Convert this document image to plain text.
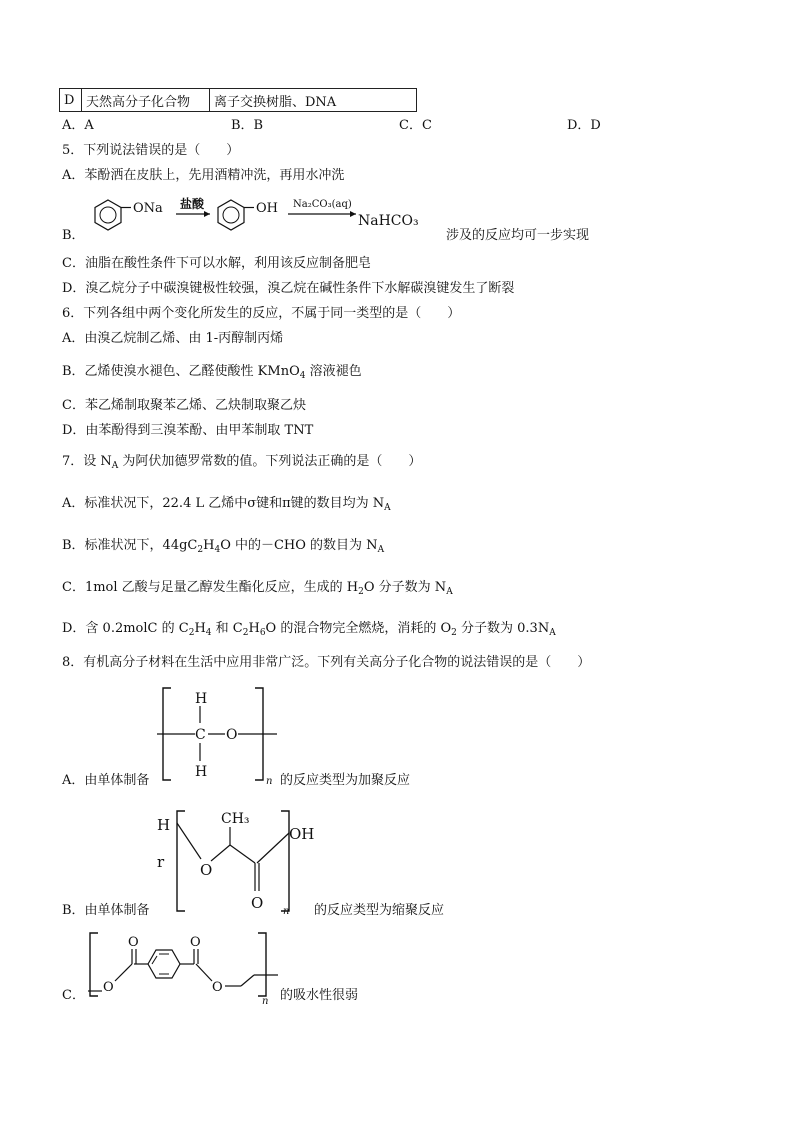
D 天然高分子化合物	离子交换树脂、DNA
A．A	B．B	C．C	D．D
5．下列说法错误的是（　　）
A．苯酚洒在皮肤上，先用酒精冲洗，再用水冲洗
B．
ONa 盐酸	OH Na₂CO₃(aq)
NaHCO₃
涉及的反应均可一步实现
C．油脂在酸性条件下可以水解，利用该反应制备肥皂
D．溴乙烷分子中碳溴键极性较强，溴乙烷在碱性条件下水解碳溴键发生了断裂
6．下列各组中两个变化所发生的反应，不属于同一类型的是（　　）
A．由溴乙烷制乙烯、由 1-丙醇制丙烯
B．乙烯使溴水褪色、乙醛使酸性 KMnO$_4$ 溶液褪色
C．苯乙烯制取聚苯乙烯、乙炔制取聚乙炔
D．由苯酚得到三溴苯酚、由甲苯制取 TNT
7．设 $N_A$ 为阿伏加德罗常数的值。下列说法正确的是（　　）
A．标准状况下，22.4 L 乙烯中σ键和π键的数目均为 $N_A$
B．标准状况下，$44gC_2H_4O$ 中的－CHO 的数目为 $N_A$
C．1mol 乙酸与足量乙醇发生酯化反应，生成的 $H_2O$ 分子数为 $N_A$
D．含 0.2molC 的 $C_2H_4$ 和 $C_2H_6O$ 的混合物完全燃烧，消耗的 $O_2$ 分子数为 $0.3N_A$
8．有机高分子材料在生活中应用非常广泛。下列有关高分子化合物的说法错误的是（　　）
C
H
H
O
n
A．由单体制备	的反应类型为加聚反应
H
r O
CH₃
O
OH
n
B．由单体制备	的反应类型为缩聚反应
O
O	O
O
n
C．	的吸水性很弱
